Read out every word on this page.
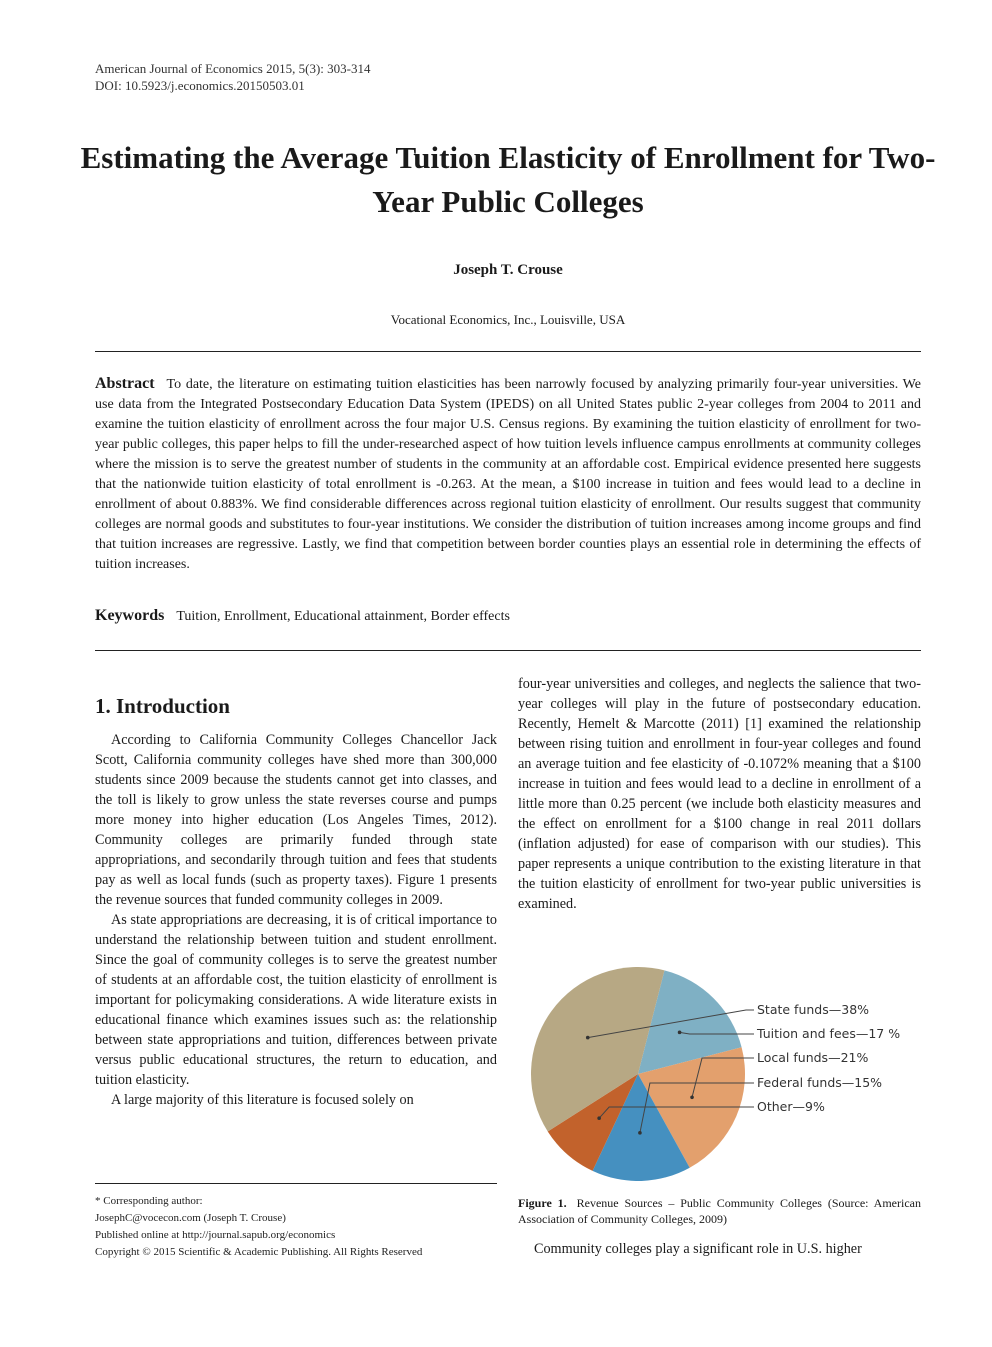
American Journal of Economics 2015, 5(3): 303-314
DOI: 10.5923/j.economics.20150503.01
Estimating the Average Tuition Elasticity of Enrollment for Two-Year Public Colleges
Joseph T. Crouse
Vocational Economics, Inc., Louisville, USA
Abstract To date, the literature on estimating tuition elasticities has been narrowly focused by analyzing primarily four-year universities. We use data from the Integrated Postsecondary Education Data System (IPEDS) on all United States public 2-year colleges from 2004 to 2011 and examine the tuition elasticity of enrollment across the four major U.S. Census regions. By examining the tuition elasticity of enrollment for two-year public colleges, this paper helps to fill the under-researched aspect of how tuition levels influence campus enrollments at community colleges where the mission is to serve the greatest number of students in the community at an affordable cost. Empirical evidence presented here suggests that the nationwide tuition elasticity of total enrollment is -0.263. At the mean, a $100 increase in tuition and fees would lead to a decline in enrollment of about 0.883%. We find considerable differences across regional tuition elasticity of enrollment. Our results suggest that community colleges are normal goods and substitutes to four-year institutions. We consider the distribution of tuition increases among income groups and find that tuition increases are regressive. Lastly, we find that competition between border counties plays an essential role in determining the effects of tuition increases.
Keywords Tuition, Enrollment, Educational attainment, Border effects
1. Introduction

According to California Community Colleges Chancellor Jack Scott, California community colleges have shed more than 300,000 students since 2009 because the students cannot get into classes, and the toll is likely to grow unless the state reverses course and pumps more money into higher education (Los Angeles Times, 2012). Community colleges are primarily funded through state appropriations, and secondarily through tuition and fees that students pay as well as local funds (such as property taxes). Figure 1 presents the revenue sources that funded community colleges in 2009.

As state appropriations are decreasing, it is of critical importance to understand the relationship between tuition and student enrollment. Since the goal of community colleges is to serve the greatest number of students at an affordable cost, the tuition elasticity of enrollment is important for policymaking considerations. A wide literature exists in educational finance which examines issues such as: the relationship between state appropriations and tuition, differences between private versus public educational structures, the return to education, and tuition elasticity.

A large majority of this literature is focused solely on

four-year universities and colleges, and neglects the salience that two-year colleges will play in the future of postsecondary education. Recently, Hemelt & Marcotte (2011) [1] examined the relationship between rising tuition and enrollment in four-year colleges and found an average tuition and fee elasticity of -0.1072% meaning that a $100 increase in tuition and fees would lead to a decline in enrollment of a little more than 0.25 percent (we include both elasticity measures and the effect on enrollment for a $100 change in real 2011 dollars (inflation adjusted) for ease of comparison with our studies). This paper represents a unique contribution to the existing literature in that the tuition elasticity of enrollment for two-year public universities is examined.

State funds—38%
Tuition and fees—17 %
Local funds—21%
Federal funds—15%
Other—9%
Figure 1. Revenue Sources – Public Community Colleges (Source: American Association of Community Colleges, 2009)
Community colleges play a significant role in U.S. higher
* Corresponding author:
JosephC@vocecon.com (Joseph T. Crouse)
Published online at http://journal.sapub.org/economics
Copyright © 2015 Scientific & Academic Publishing. All Rights Reserved
